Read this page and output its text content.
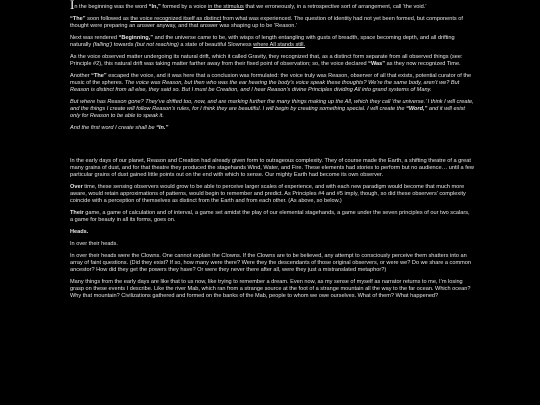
In the beginning was the word “In,” formed by a voice in the stimulus that we erroneously, in a retrospective sort of arrangement, call ‘the void.’

“The” soon followed as the voice recognized itself as distinct from what was experienced. The question of identity had not yet been formed, but components of thought were preparing an answer anyway, and that answer was shaping up to be ‘Reason.’

Next was rendered “Beginning,” and the universe came to be, with wisps of length entangling with gusts of breadth, space becoming depth, and all drifting naturally (falling’) towards (but not reaching) a state of beautiful Slowness where All stands still.

As the voice observed matter undergoing its natural drift, which it called Gravity, they recognized that, as a distinct form separate from all observed things (see: Principle #2), this natural drift was taking matter farther away from their fixed point of observation; so, the voice declared “Was” as they now recognized Time.

Another “The” escaped the voice, and it was here that a conclusion was formulated: the voice truly was Reason, observer of all that exists, potential curator of the music of the spheres. The voice was Reason, but then who was the ear hearing the body’s voice speak these thoughts? We’re the same body, aren’t we? But Reason is distinct from all else, they said so. But I must be Creation, and I hear Reason’s divine Principles dividing All into grand systems of Many.

But where has Reason gone? They’ve drifted too, now, and are marking further the many things making up the All, which they call ‘the universe.’ I think I will create, and the things I create will follow Reason’s rules, for I think they are beautiful. I will begin by creating something special. I will create the “Word,” and it will exist only for Reason to be able to speak it.

And the first word I create shall be “In.”

In the early days of our planet, Reason and Creation had already given form to outrageous complexity. They of course made the Earth, a shifting theatre of a great many grains of dust, and for that theatre they produced the stagehands Wind, Water, and Fire. These elements had stories to perform but no audience… until a few particular grains of dust gained little points out on the end with which to sense. Our mighty Earth had become its own observer.

Over time, these sensing observers would grow to be able to perceive larger scales of experience, and with each new paradigm would become that much more aware, would retain approximations of patterns, would begin to remember and predict. As Principles #4 and #5 imply, though, so did these observers’ complexity coincide with a perception of themselves as distinct from the Earth and from each other. (As above, so below.)

Their game, a game of calculation and of interval, a game set amidst the play of our elemental stagehands, a game under the seven principles of our two scalars, a game for beauty in all its forms, goes on.

Heads.

In over their heads.

In over their heads were the Clowns. One cannot explain the Clowns. If the Clowns are to be believed, any attempt to consciously perceive them shatters into an array of faint questions. (Did they exist? If so, how many were there? Were they the descendants of those original observers, or were we? Do we share a common ancestor? How did they get the powers they have? Or were they never there after all, were they just a mistranslated metaphor?)

Many things from the early days are like that to us now, like trying to remember a dream. Even now, as my sense of myself as narrator returns to me, I’m losing grasp on these events I describe. Like the river Mab, which ran from a strange source at the foot of a strange mountain all the way to the far ocean. Which ocean? Why that mountain? Civilizations gathered and formed on the banks of the Mab, people to whom we owe ourselves. What of them? What happened?
